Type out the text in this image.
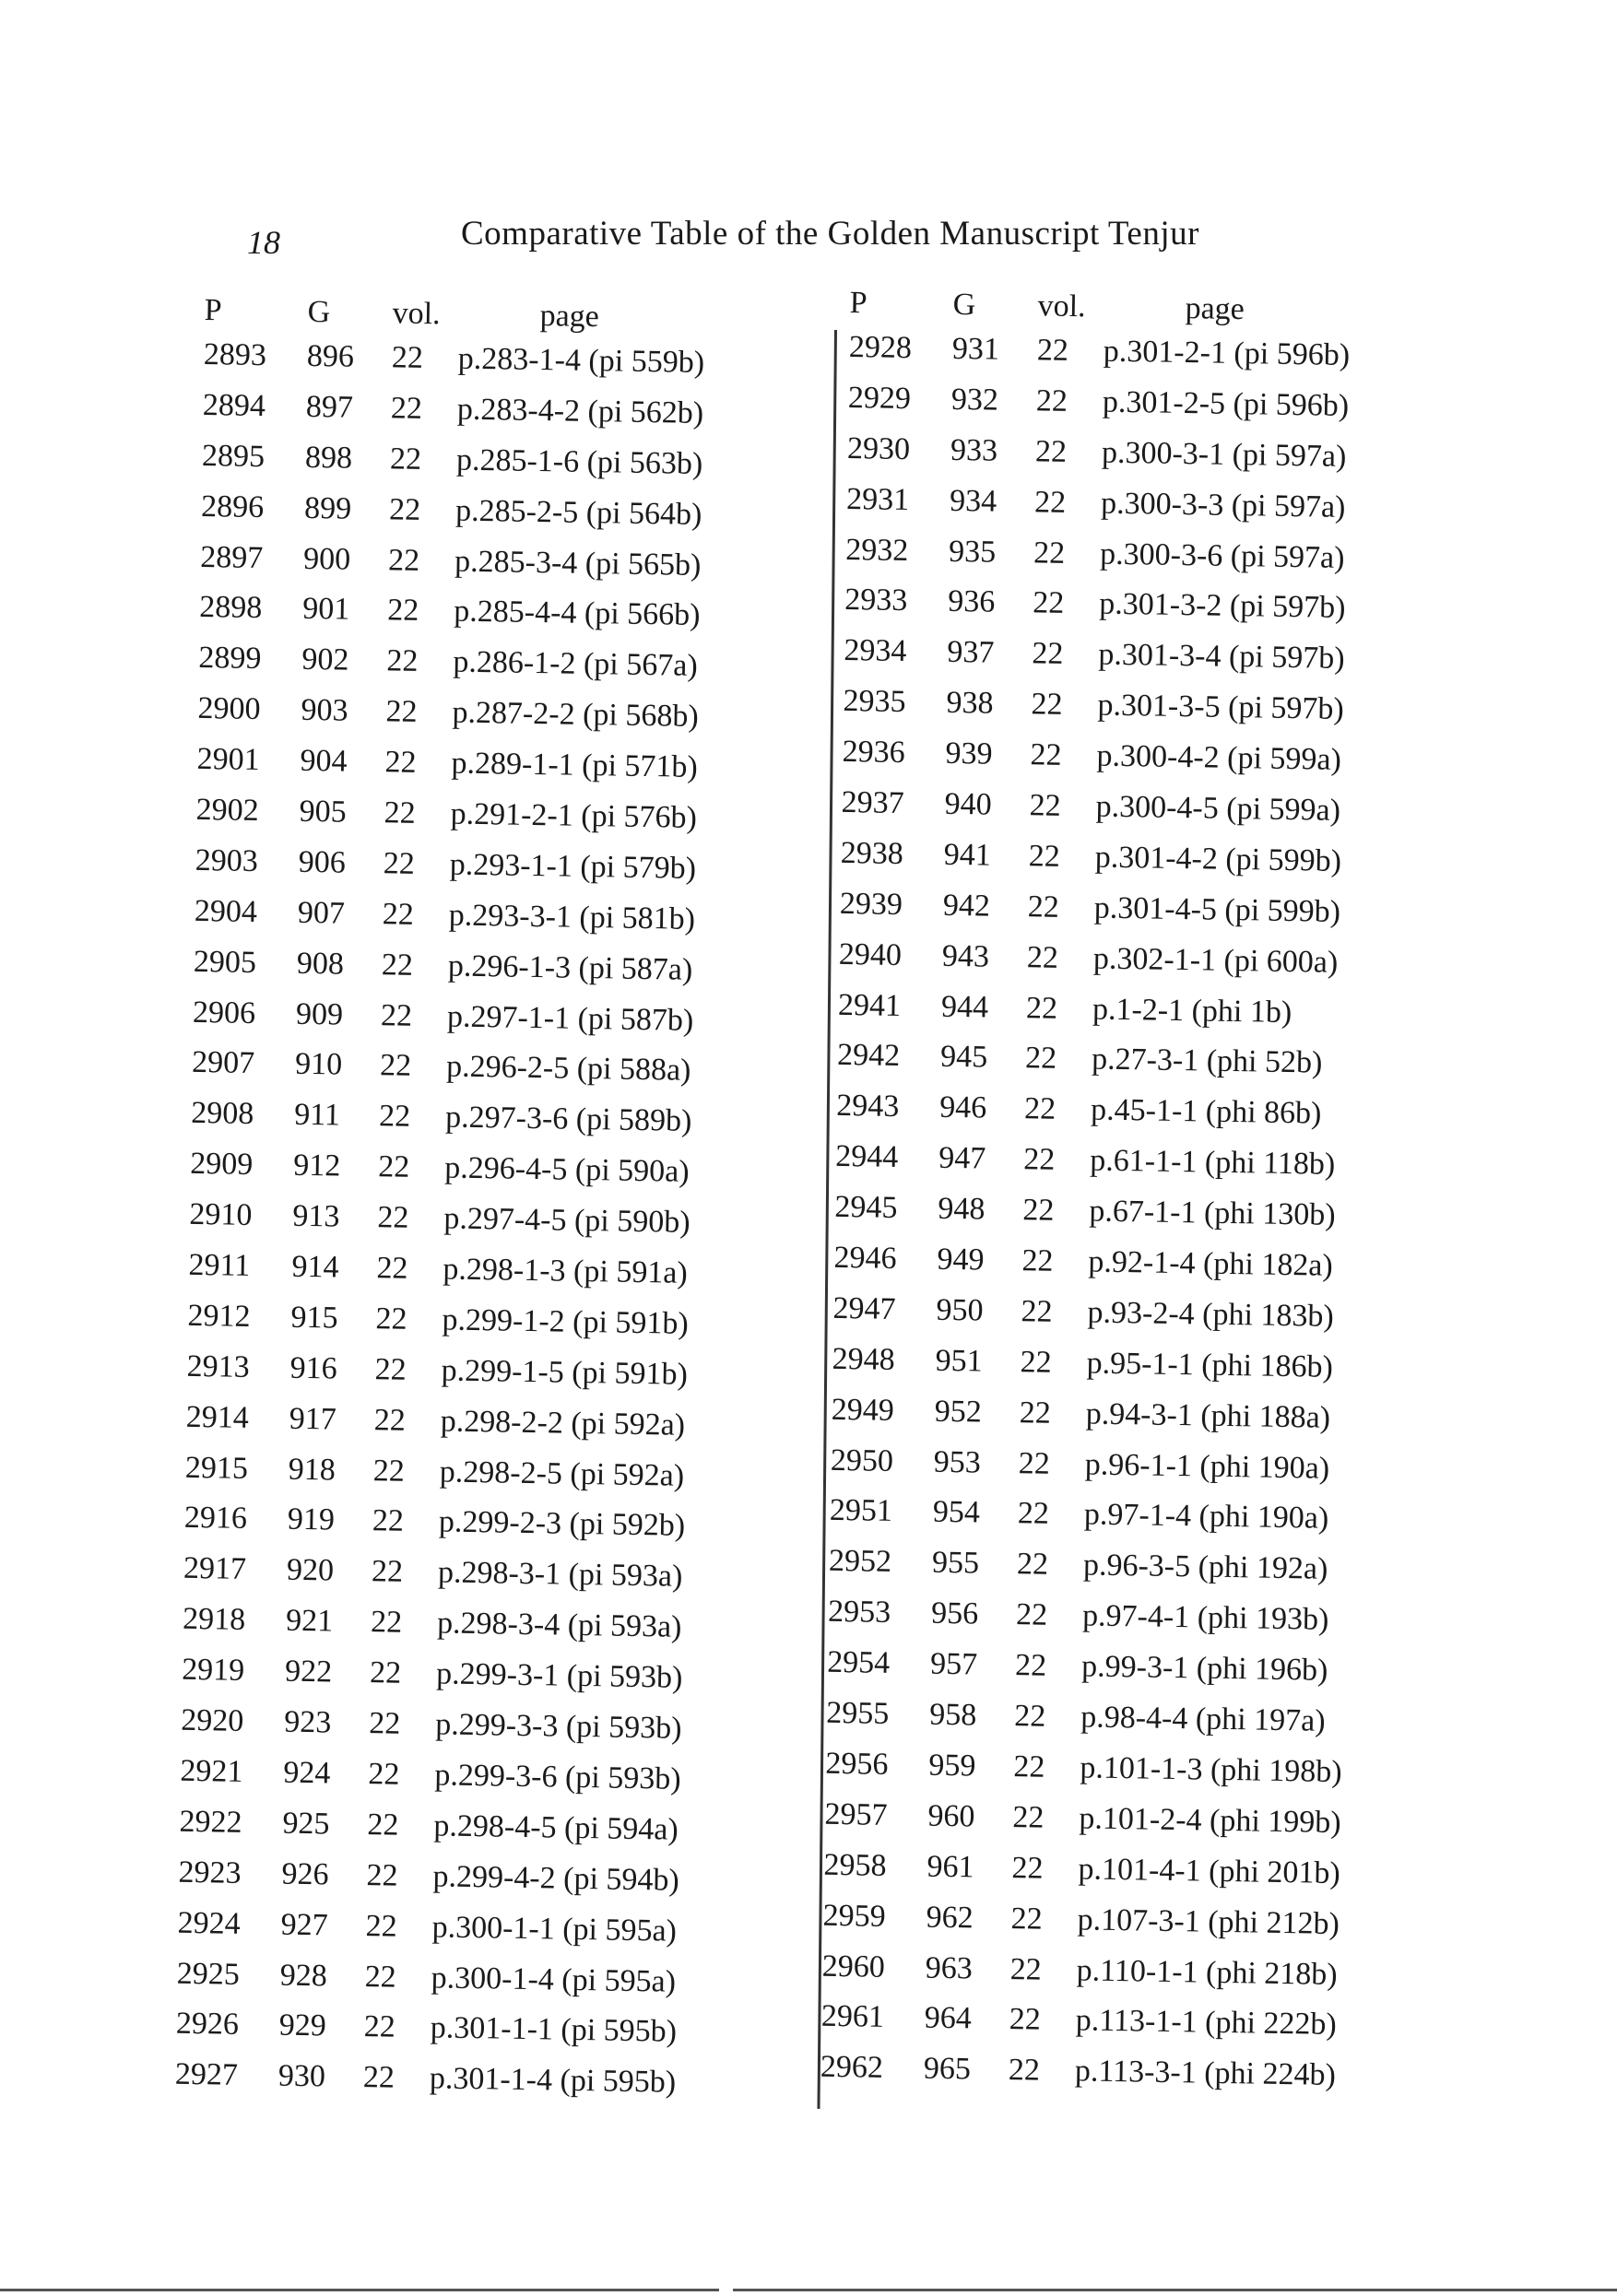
18	Comparative Table of the Golden Manuscript Tenjur
P	G	vol.	page
2893	896	22	p.283-1-4 (pi 559b)
2894	897	22	p.283-4-2 (pi 562b)
2895	898	22	p.285-1-6 (pi 563b)
2896	899	22	p.285-2-5 (pi 564b)
2897	900	22	p.285-3-4 (pi 565b)
2898	901	22	p.285-4-4 (pi 566b)
2899	902	22	p.286-1-2 (pi 567a)
2900	903	22	p.287-2-2 (pi 568b)
2901	904	22	p.289-1-1 (pi 571b)
2902	905	22	p.291-2-1 (pi 576b)
2903	906	22	p.293-1-1 (pi 579b)
2904	907	22	p.293-3-1 (pi 581b)
2905	908	22	p.296-1-3 (pi 587a)
2906	909	22	p.297-1-1 (pi 587b)
2907	910	22	p.296-2-5 (pi 588a)
2908	911	22	p.297-3-6 (pi 589b)
2909	912	22	p.296-4-5 (pi 590a)
2910	913	22	p.297-4-5 (pi 590b)
2911	914	22	p.298-1-3 (pi 591a)
2912	915	22	p.299-1-2 (pi 591b)
2913	916	22	p.299-1-5 (pi 591b)
2914	917	22	p.298-2-2 (pi 592a)
2915	918	22	p.298-2-5 (pi 592a)
2916	919	22	p.299-2-3 (pi 592b)
2917	920	22	p.298-3-1 (pi 593a)
2918	921	22	p.298-3-4 (pi 593a)
2919	922	22	p.299-3-1 (pi 593b)
2920	923	22	p.299-3-3 (pi 593b)
2921	924	22	p.299-3-6 (pi 593b)
2922	925	22	p.298-4-5 (pi 594a)
2923	926	22	p.299-4-2 (pi 594b)
2924	927	22	p.300-1-1 (pi 595a)
2925	928	22	p.300-1-4 (pi 595a)
2926	929	22	p.301-1-1 (pi 595b)
2927	930	22	p.301-1-4 (pi 595b)
P	G	vol.	page
2928	931	22	p.301-2-1 (pi 596b)
2929	932	22	p.301-2-5 (pi 596b)
2930	933	22	p.300-3-1 (pi 597a)
2931	934	22	p.300-3-3 (pi 597a)
2932	935	22	p.300-3-6 (pi 597a)
2933	936	22	p.301-3-2 (pi 597b)
2934	937	22	p.301-3-4 (pi 597b)
2935	938	22	p.301-3-5 (pi 597b)
2936	939	22	p.300-4-2 (pi 599a)
2937	940	22	p.300-4-5 (pi 599a)
2938	941	22	p.301-4-2 (pi 599b)
2939	942	22	p.301-4-5 (pi 599b)
2940	943	22	p.302-1-1 (pi 600a)
2941	944	22	p.1-2-1 (phi 1b)
2942	945	22	p.27-3-1 (phi 52b)
2943	946	22	p.45-1-1 (phi 86b)
2944	947	22	p.61-1-1 (phi 118b)
2945	948	22	p.67-1-1 (phi 130b)
2946	949	22	p.92-1-4 (phi 182a)
2947	950	22	p.93-2-4 (phi 183b)
2948	951	22	p.95-1-1 (phi 186b)
2949	952	22	p.94-3-1 (phi 188a)
2950	953	22	p.96-1-1 (phi 190a)
2951	954	22	p.97-1-4 (phi 190a)
2952	955	22	p.96-3-5 (phi 192a)
2953	956	22	p.97-4-1 (phi 193b)
2954	957	22	p.99-3-1 (phi 196b)
2955	958	22	p.98-4-4 (phi 197a)
2956	959	22	p.101-1-3 (phi 198b)
2957	960	22	p.101-2-4 (phi 199b)
2958	961	22	p.101-4-1 (phi 201b)
2959	962	22	p.107-3-1 (phi 212b)
2960	963	22	p.110-1-1 (phi 218b)
2961	964	22	p.113-1-1 (phi 222b)
2962	965	22	p.113-3-1 (phi 224b)
